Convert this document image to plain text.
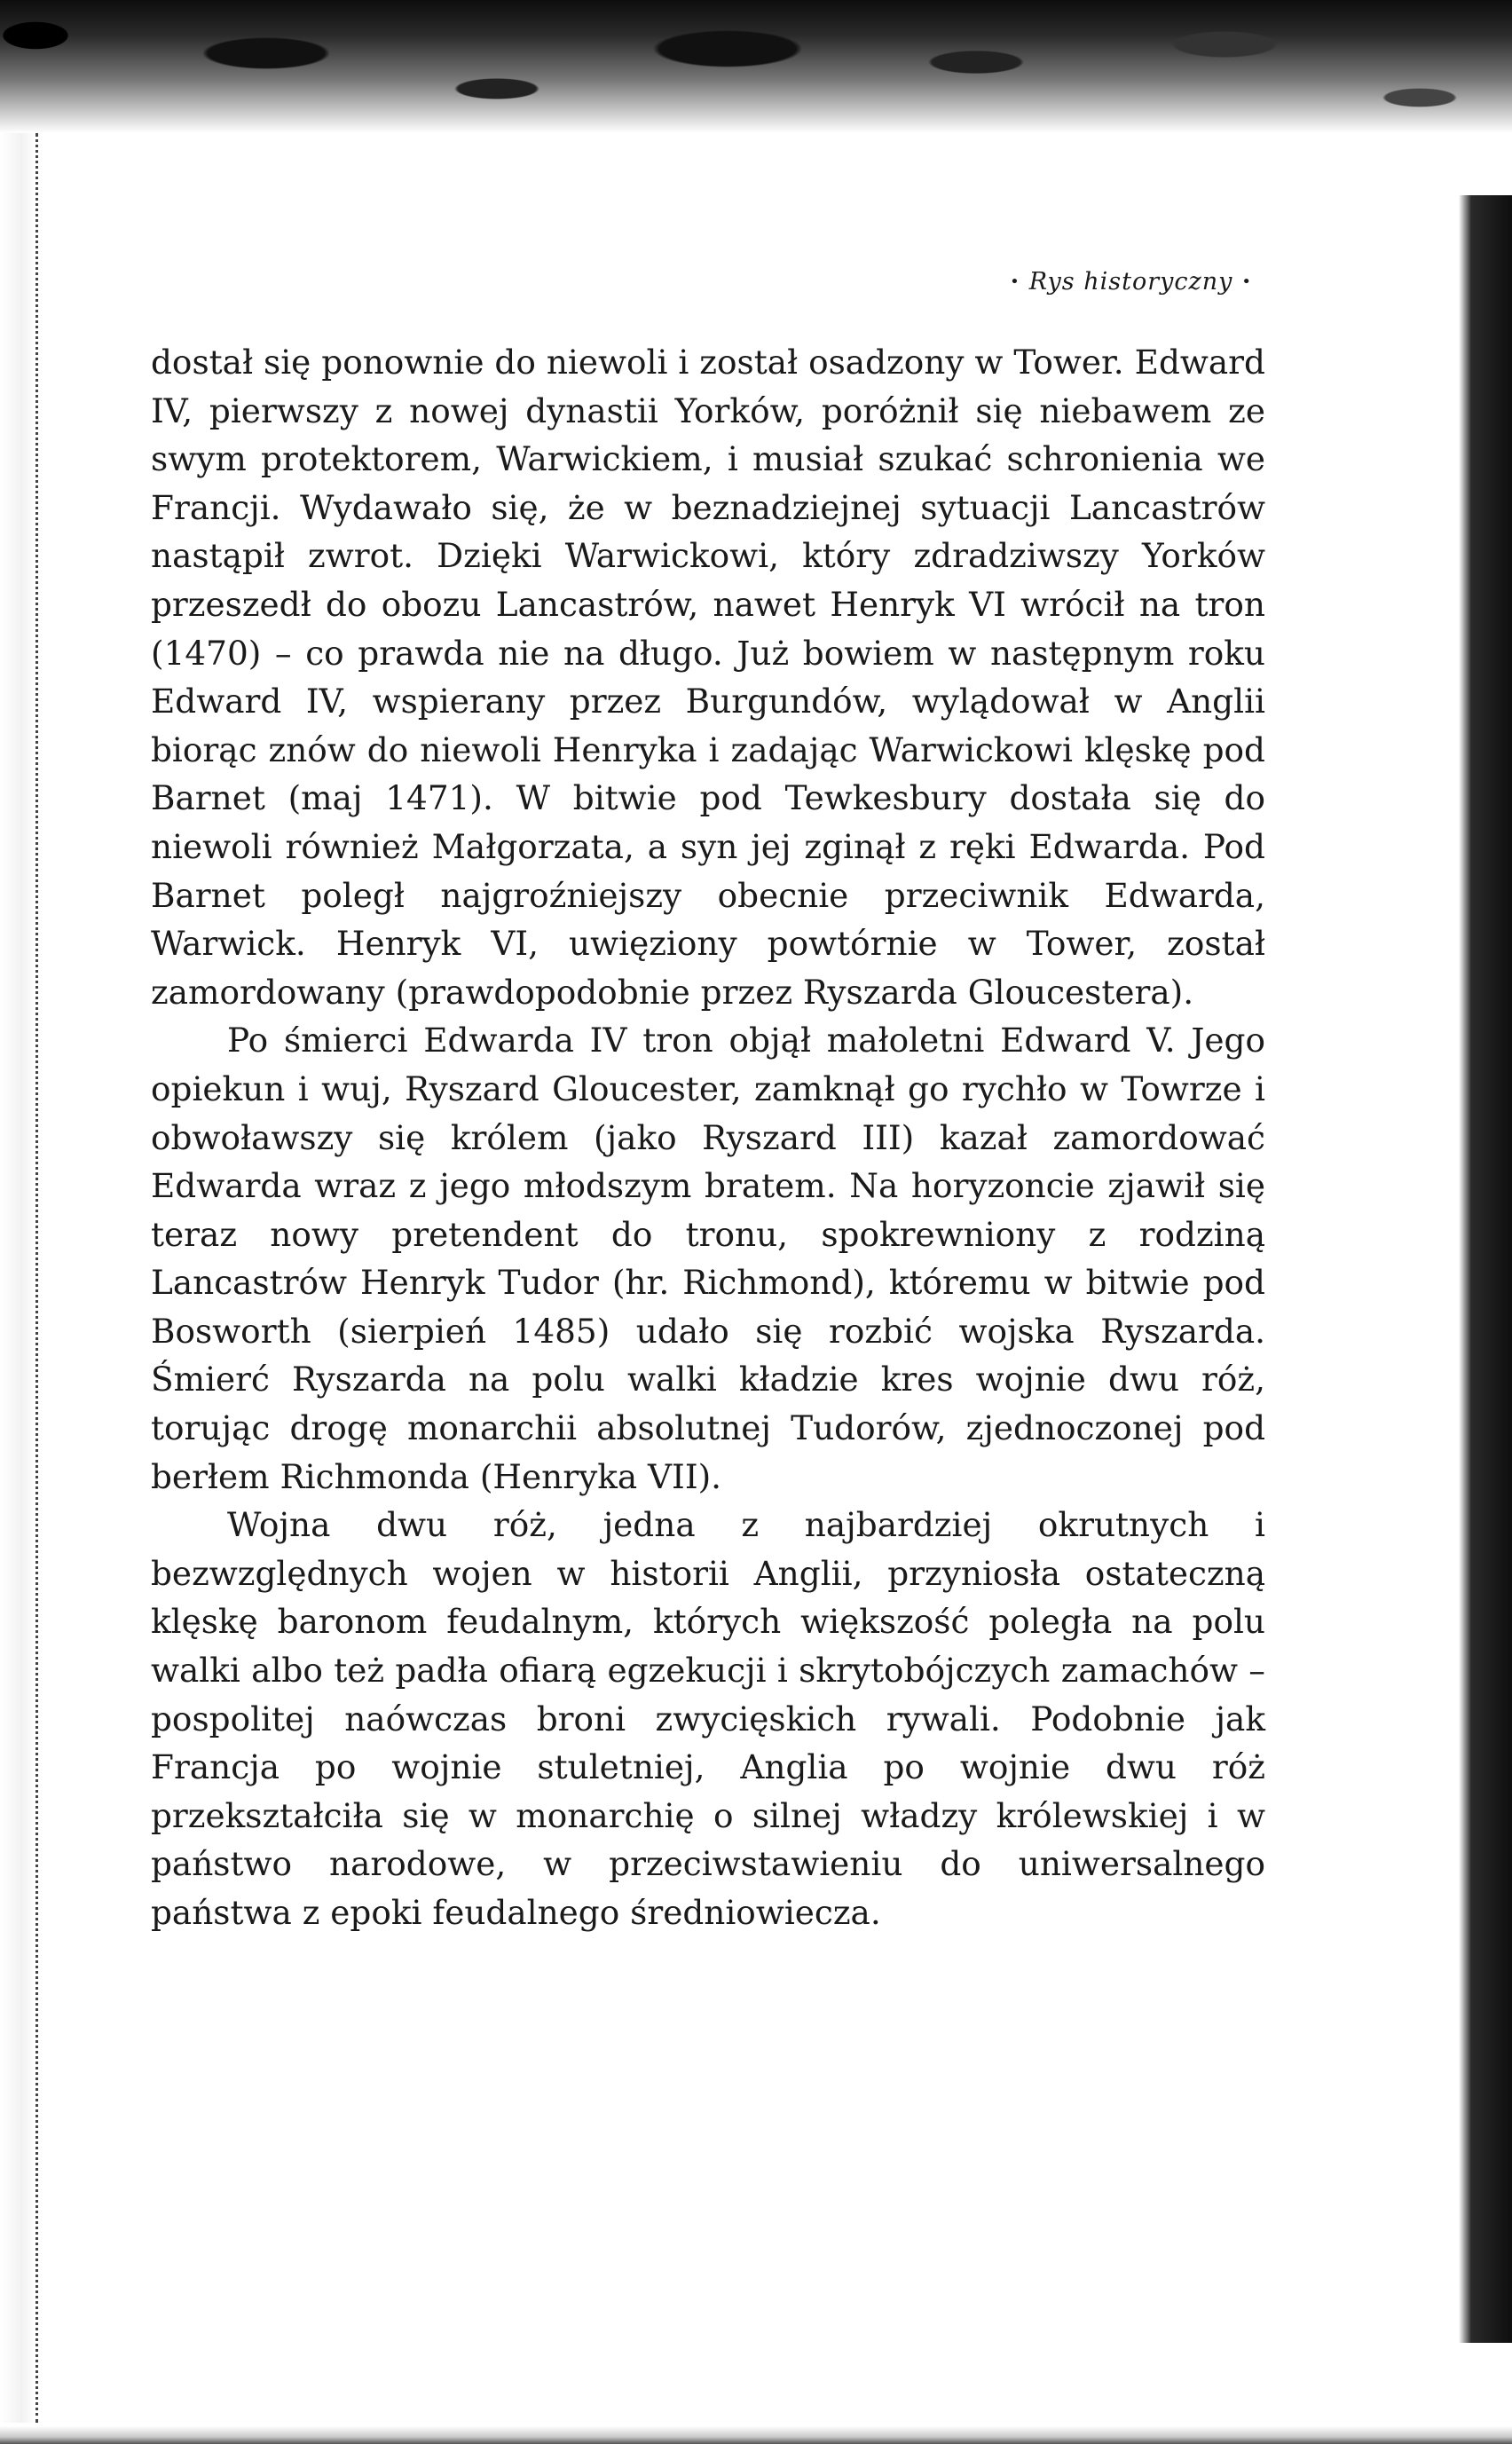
• Rys historyczny •

dostał się ponownie do niewoli i został osadzony w Tower. Edward IV, pierwszy z nowej dynastii Yorków, poróżnił się niebawem ze swym protektorem, Warwickiem, i musiał szukać schronienia we Francji. Wydawało się, że w beznadziejnej sytuacji Lancastrów nastąpił zwrot. Dzięki Warwickowi, który zdradziwszy Yorków przeszedł do obozu Lancastrów, nawet Henryk VI wrócił na tron (1470) – co prawda nie na długo. Już bowiem w następnym roku Edward IV, wspierany przez Burgundów, wylądował w Anglii biorąc znów do niewoli Henryka i zadając Warwickowi klęskę pod Barnet (maj 1471). W bitwie pod Tewkesbury dostała się do niewoli również Małgorzata, a syn jej zginął z ręki Edwarda. Pod Barnet poległ najgroźniejszy obecnie przeciwnik Edwarda, Warwick. Henryk VI, uwięziony powtórnie w Tower, został zamordowany (prawdopodobnie przez Ryszarda Gloucestera).

Po śmierci Edwarda IV tron objął małoletni Edward V. Jego opiekun i wuj, Ryszard Gloucester, zamknął go rychło w Towrze i obwoławszy się królem (jako Ryszard III) kazał zamordować Edwarda wraz z jego młodszym bratem. Na horyzoncie zjawił się teraz nowy pretendent do tronu, spokrewniony z rodziną Lancastrów Henryk Tudor (hr. Richmond), któremu w bitwie pod Bosworth (sierpień 1485) udało się rozbić wojska Ryszarda. Śmierć Ryszarda na polu walki kładzie kres wojnie dwu róż, torując drogę monarchii absolutnej Tudorów, zjednoczonej pod berłem Richmonda (Henryka VII).

Wojna dwu róż, jedna z najbardziej okrutnych i bezwzględnych wojen w historii Anglii, przyniosła ostateczną klęskę baronom feudalnym, których większość poległa na polu walki albo też padła ofiarą egzekucji i skrytobójczych zamachów – pospolitej naówczas broni zwycięskich rywali. Podobnie jak Francja po wojnie stuletniej, Anglia po wojnie dwu róż przekształciła się w monarchię o silnej władzy królewskiej i w państwo narodowe, w przeciwstawieniu do uniwersalnego państwa z epoki feudalnego średniowiecza.
